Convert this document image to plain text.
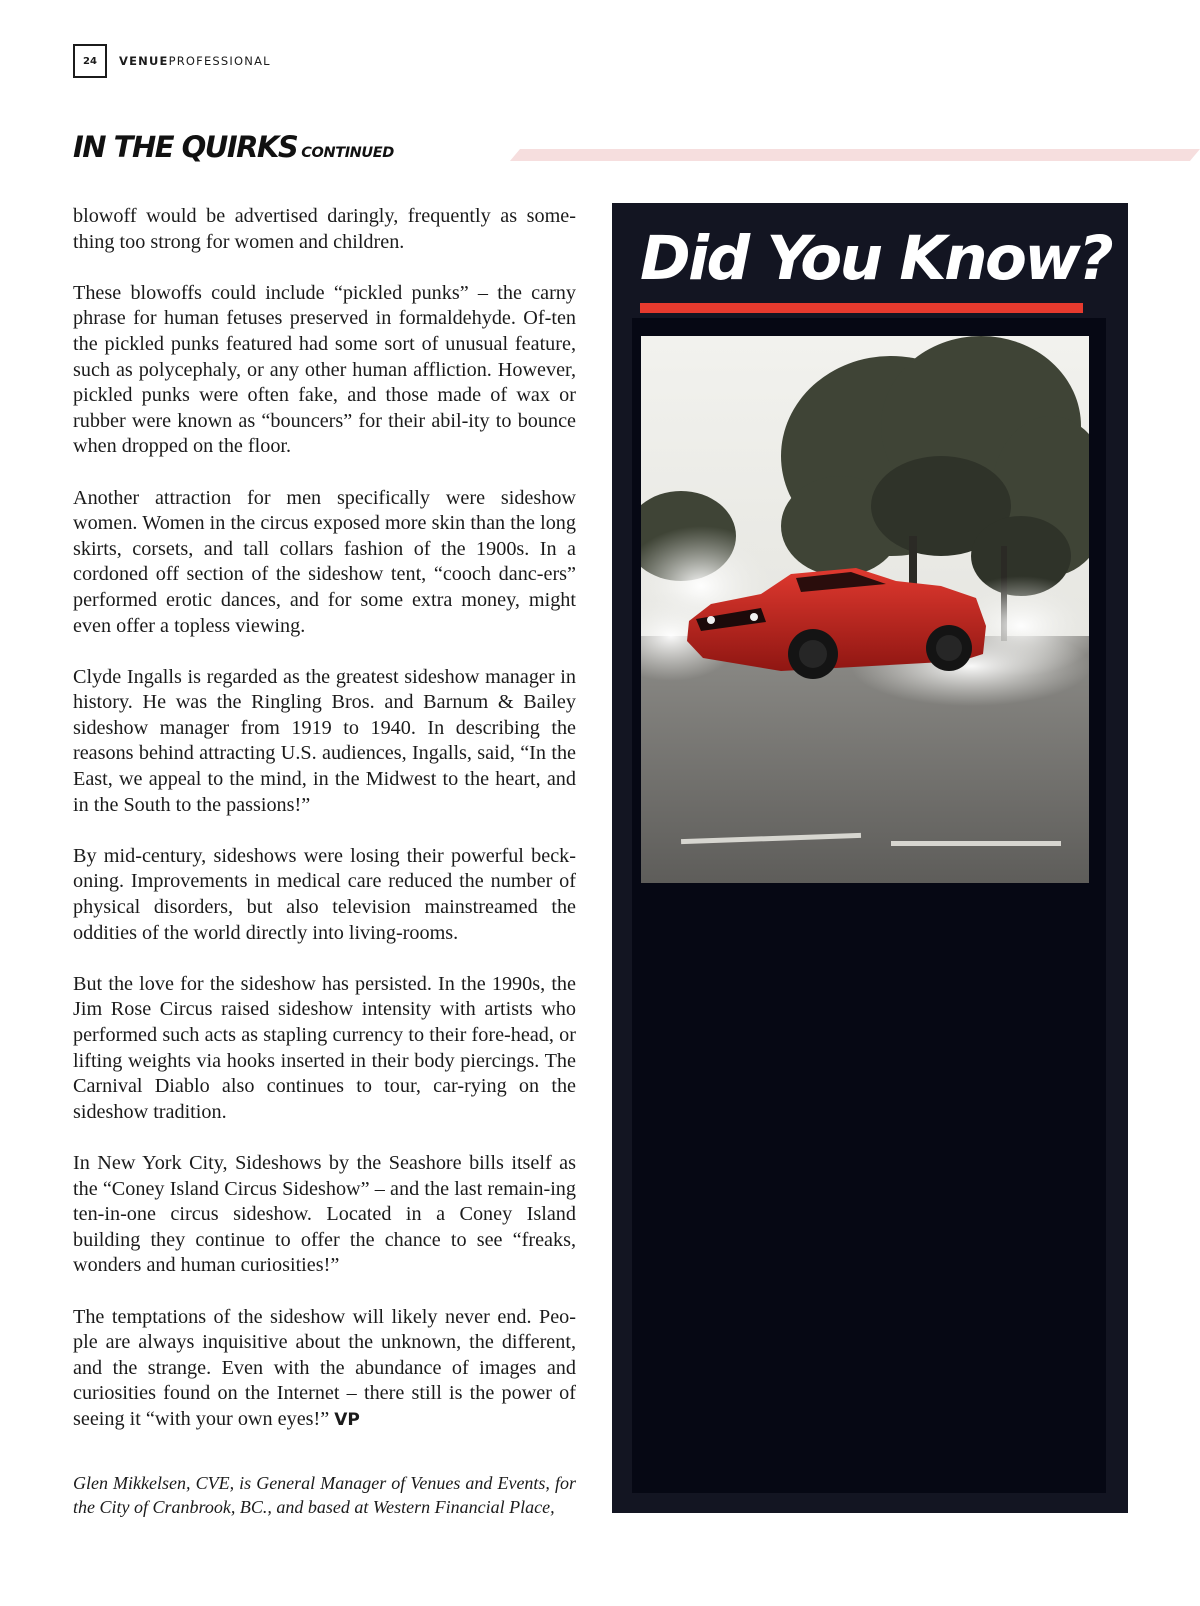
24	VENUEPROFESSIONAL
IN THE QUIRKS CONTINUED

blowoff would be advertised daringly, frequently as some-thing too strong for women and children.

These blowoffs could include “pickled punks” – the carny phrase for human fetuses preserved in formaldehyde. Of-ten the pickled punks featured had some sort of unusual feature, such as polycephaly, or any other human affliction. However, pickled punks were often fake, and those made of wax or rubber were known as “bouncers” for their abil-ity to bounce when dropped on the floor.

Another attraction for men specifically were sideshow women. Women in the circus exposed more skin than the long skirts, corsets, and tall collars fashion of the 1900s. In a cordoned off section of the sideshow tent, “cooch danc-ers” performed erotic dances, and for some extra money, might even offer a topless viewing.

Clyde Ingalls is regarded as the greatest sideshow manager in history. He was the Ringling Bros. and Barnum & Bailey sideshow manager from 1919 to 1940. In describing the reasons behind attracting U.S. audiences, Ingalls, said, “In the East, we appeal to the mind, in the Midwest to the heart, and in the South to the passions!”

By mid-century, sideshows were losing their powerful beck-oning. Improvements in medical care reduced the number of physical disorders, but also television mainstreamed the oddities of the world directly into living-rooms.

But the love for the sideshow has persisted. In the 1990s, the Jim Rose Circus raised sideshow intensity with artists who performed such acts as stapling currency to their fore-head, or lifting weights via hooks inserted in their body piercings. The Carnival Diablo also continues to tour, car-rying on the sideshow tradition.

In New York City, Sideshows by the Seashore bills itself as the “Coney Island Circus Sideshow” – and the last remain-ing ten-in-one circus sideshow. Located in a Coney Island building they continue to offer the chance to see “freaks, wonders and human curiosities!”

The temptations of the sideshow will likely never end. Peo-ple are always inquisitive about the unknown, the different, and the strange. Even with the abundance of images and curiosities found on the Internet – there still is the power of seeing it “with your own eyes!” VP

Glen Mikkelsen, CVE, is General Manager of Venues and Events, for the City of Cranbrook, BC., and based at Western Financial Place,
Did You Know?
